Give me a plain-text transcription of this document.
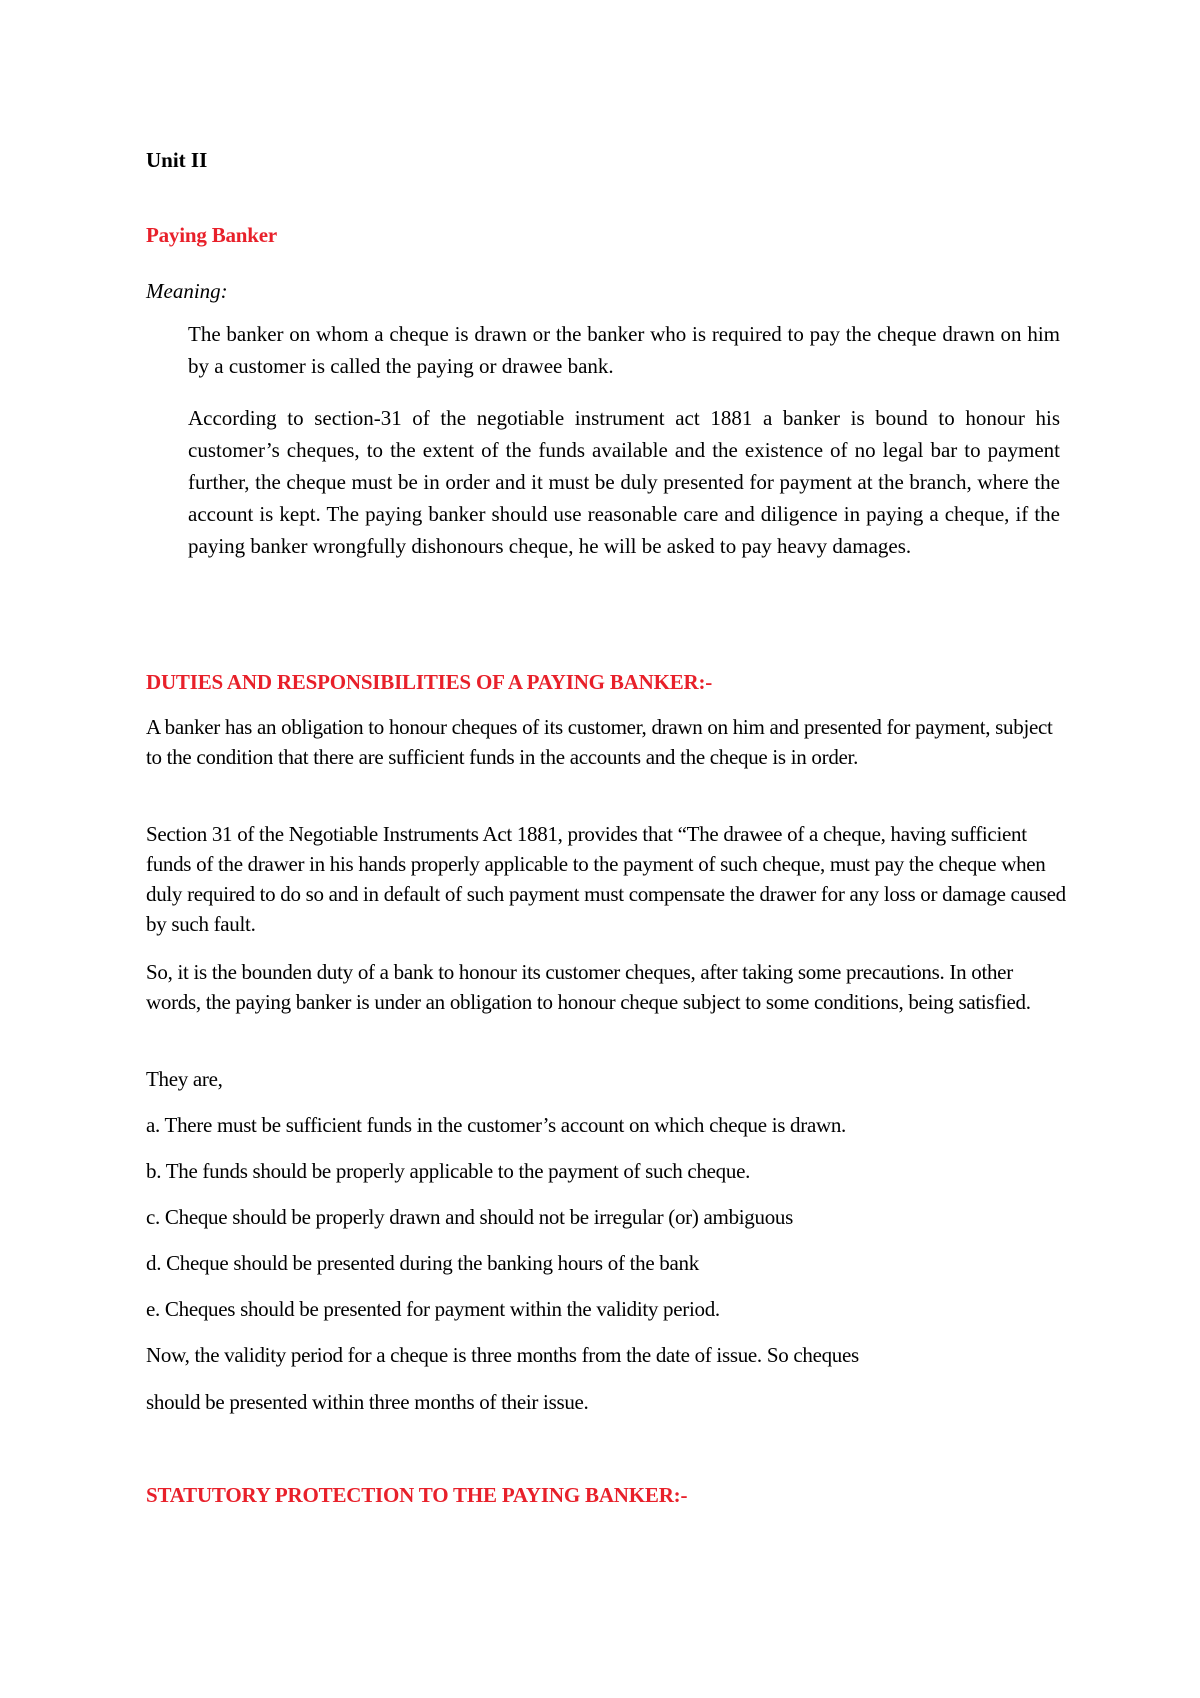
Unit II
Paying Banker
Meaning:

The banker on whom a cheque is drawn or the banker who is required to pay the cheque drawn on him by a customer is called the paying or drawee bank.

According to section-31 of the negotiable instrument act 1881 a banker is bound to honour his customer’s cheques, to the extent of the funds available and the existence of no legal bar to payment further, the cheque must be in order and it must be duly presented for payment at the branch, where the account is kept. The paying banker should use reasonable care and diligence in paying a cheque, if the paying banker wrongfully dishonours cheque, he will be asked to pay heavy damages.

DUTIES AND RESPONSIBILITIES OF A PAYING BANKER:-

A banker has an obligation to honour cheques of its customer, drawn on him and presented for payment, subject to the condition that there are sufficient funds in the accounts and the cheque is in order.

Section 31 of the Negotiable Instruments Act 1881, provides that “The drawee of a cheque, having sufficient funds of the drawer in his hands properly applicable to the payment of such cheque, must pay the cheque when duly required to do so and in default of such payment must compensate the drawer for any loss or damage caused by such fault.

So, it is the bounden duty of a bank to honour its customer cheques, after taking some precautions. In other words, the paying banker is under an obligation to honour cheque subject to some conditions, being satisfied.

They are,
a. There must be sufficient funds in the customer’s account on which cheque is drawn.
b. The funds should be properly applicable to the payment of such cheque.
c. Cheque should be properly drawn and should not be irregular (or) ambiguous
d. Cheque should be presented during the banking hours of the bank
e. Cheques should be presented for payment within the validity period.
Now, the validity period for a cheque is three months from the date of issue. So cheques
should be presented within three months of their issue.
STATUTORY PROTECTION TO THE PAYING BANKER:-
